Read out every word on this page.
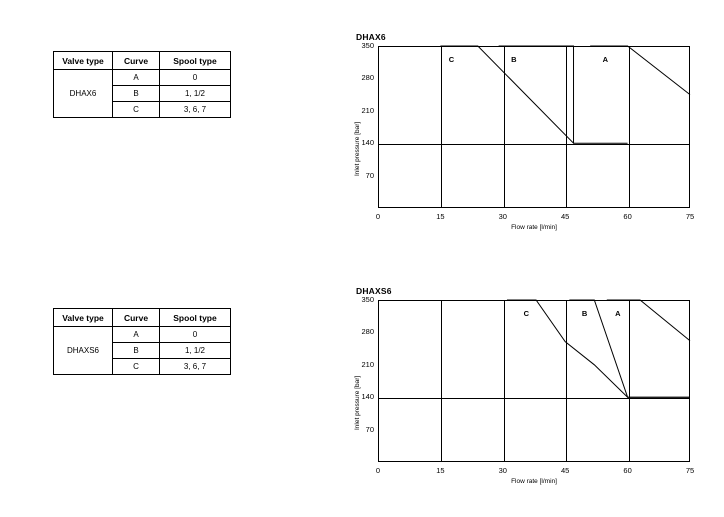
Valve type	Curve	Spool type
DHAX6	A	0
	B	1, 1/2
	C	3, 6, 7
Valve type	Curve	Spool type
DHAXS6	A	0
	B	1, 1/2
	C	3, 6, 7
DHAX6
Inlet pressure [bar]
Flow rate [l/min]
0	15	30	45	60	75
70
140
210
280
350
A
B
C
DHAXS6
Inlet pressure [bar]
Flow rate [l/min]
0	15	30	45	60	75
70
140
210
280
350
A
B
C
